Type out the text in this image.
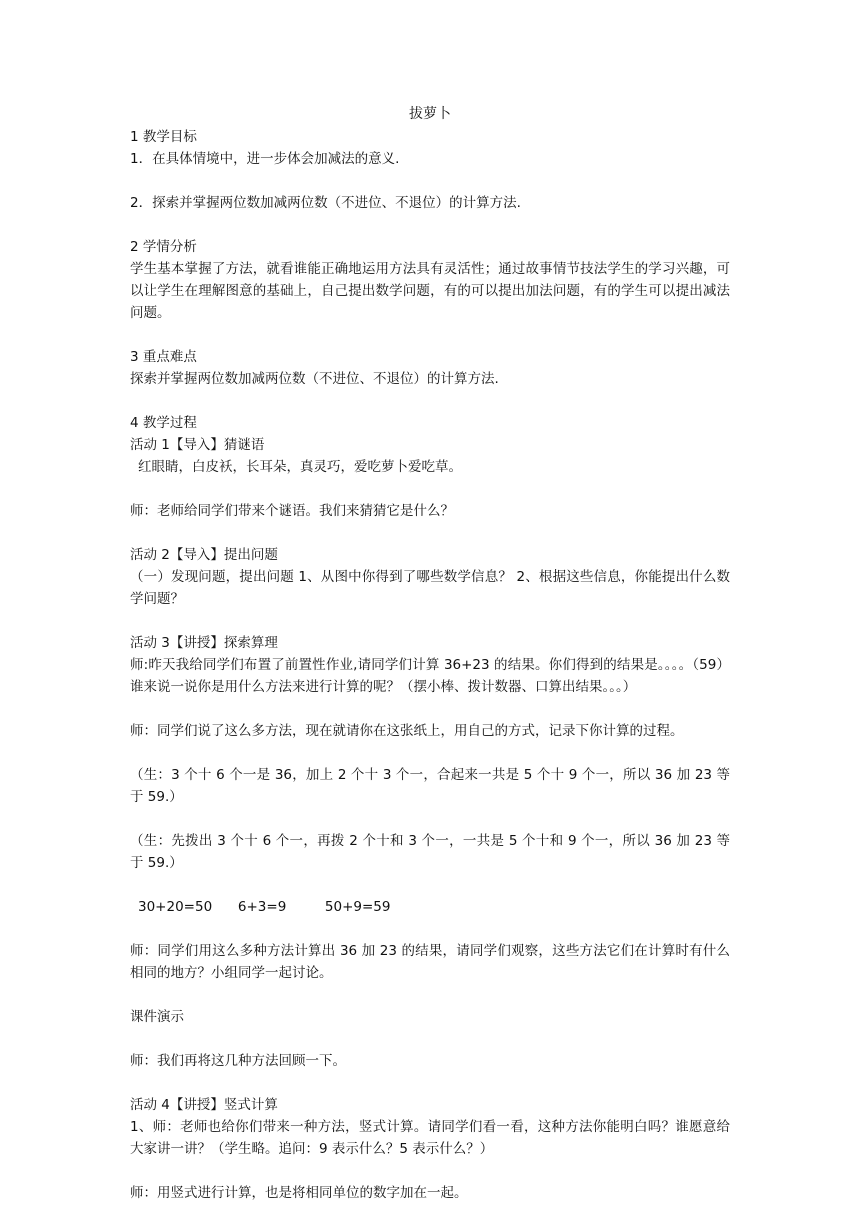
拔萝卜
1 教学目标
1．在具体情境中，进一步体会加减法的意义.
2．探索并掌握两位数加减两位数（不进位、不退位）的计算方法.
2 学情分析
学生基本掌握了方法，就看谁能正确地运用方法具有灵活性；通过故事情节技法学生的学习兴趣，可以让学生在理解图意的基础上，自己提出数学问题，有的可以提出加法问题，有的学生可以提出减法问题。
3 重点难点
探索并掌握两位数加减两位数（不进位、不退位）的计算方法.
4 教学过程
活动 1【导入】猜谜语
红眼睛，白皮袄，长耳朵，真灵巧，爱吃萝卜爱吃草。
师：老师给同学们带来个谜语。我们来猜猜它是什么？
活动 2【导入】提出问题
（一）发现问题，提出问题 1、从图中你得到了哪些数学信息？ 2、根据这些信息，你能提出什么数学问题？
活动 3【讲授】探索算理
师:昨天我给同学们布置了前置性作业,请同学们计算 36+23 的结果。你们得到的结果是。。。。（59） 谁来说一说你是用什么方法来进行计算的呢？（摆小棒、拨计数器、口算出结果。。。）
师：同学们说了这么多方法，现在就请你在这张纸上，用自己的方式，记录下你计算的过程。
（生：3 个十 6 个一是 36，加上 2 个十 3 个一，合起来一共是 5 个十 9 个一，所以 36 加 23 等于 59.）
（生：先拨出 3 个十 6 个一，再拨 2 个十和 3 个一，一共是 5 个十和 9 个一，所以 36 加 23 等于 59.）
30+20=50      6+3=9         50+9=59
师：同学们用这么多种方法计算出 36 加 23 的结果，请同学们观察，这些方法它们在计算时有什么相同的地方？小组同学一起讨论。
课件演示
师：我们再将这几种方法回顾一下。
活动 4【讲授】竖式计算
1、师：老师也给你们带来一种方法，竖式计算。请同学们看一看，这种方法你能明白吗？谁愿意给大家讲一讲？（学生略。追问：9 表示什么？5 表示什么？）
师：用竖式进行计算，也是将相同单位的数字加在一起。
